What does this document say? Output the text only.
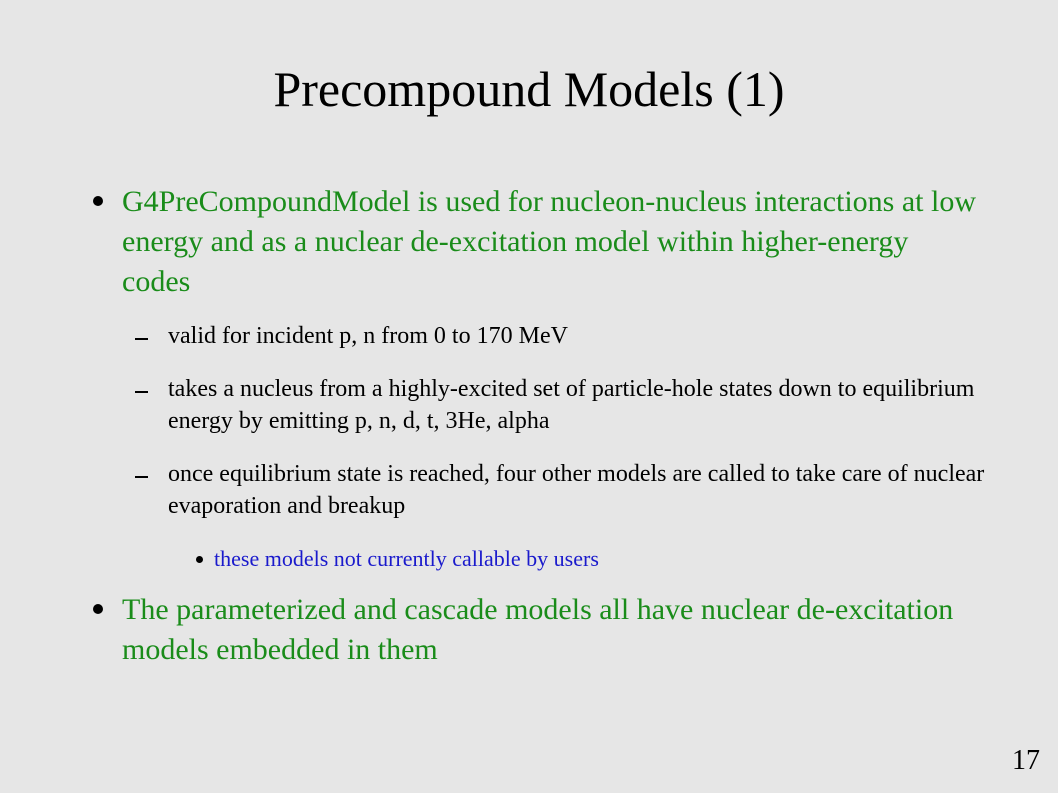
Precompound Models (1)
G4PreCompoundModel is used for nucleon-nucleus interactions at low energy and as a nuclear de-excitation model within higher-energy codes
valid for incident p, n from 0 to 170 MeV
takes a nucleus from a highly-excited set of particle-hole states down to equilibrium energy by emitting p, n, d, t, 3He, alpha
once equilibrium state is reached, four other models are called to take care of nuclear evaporation and breakup
these models not currently callable by users
The parameterized and cascade models all have nuclear de-excitation models embedded in them
17
